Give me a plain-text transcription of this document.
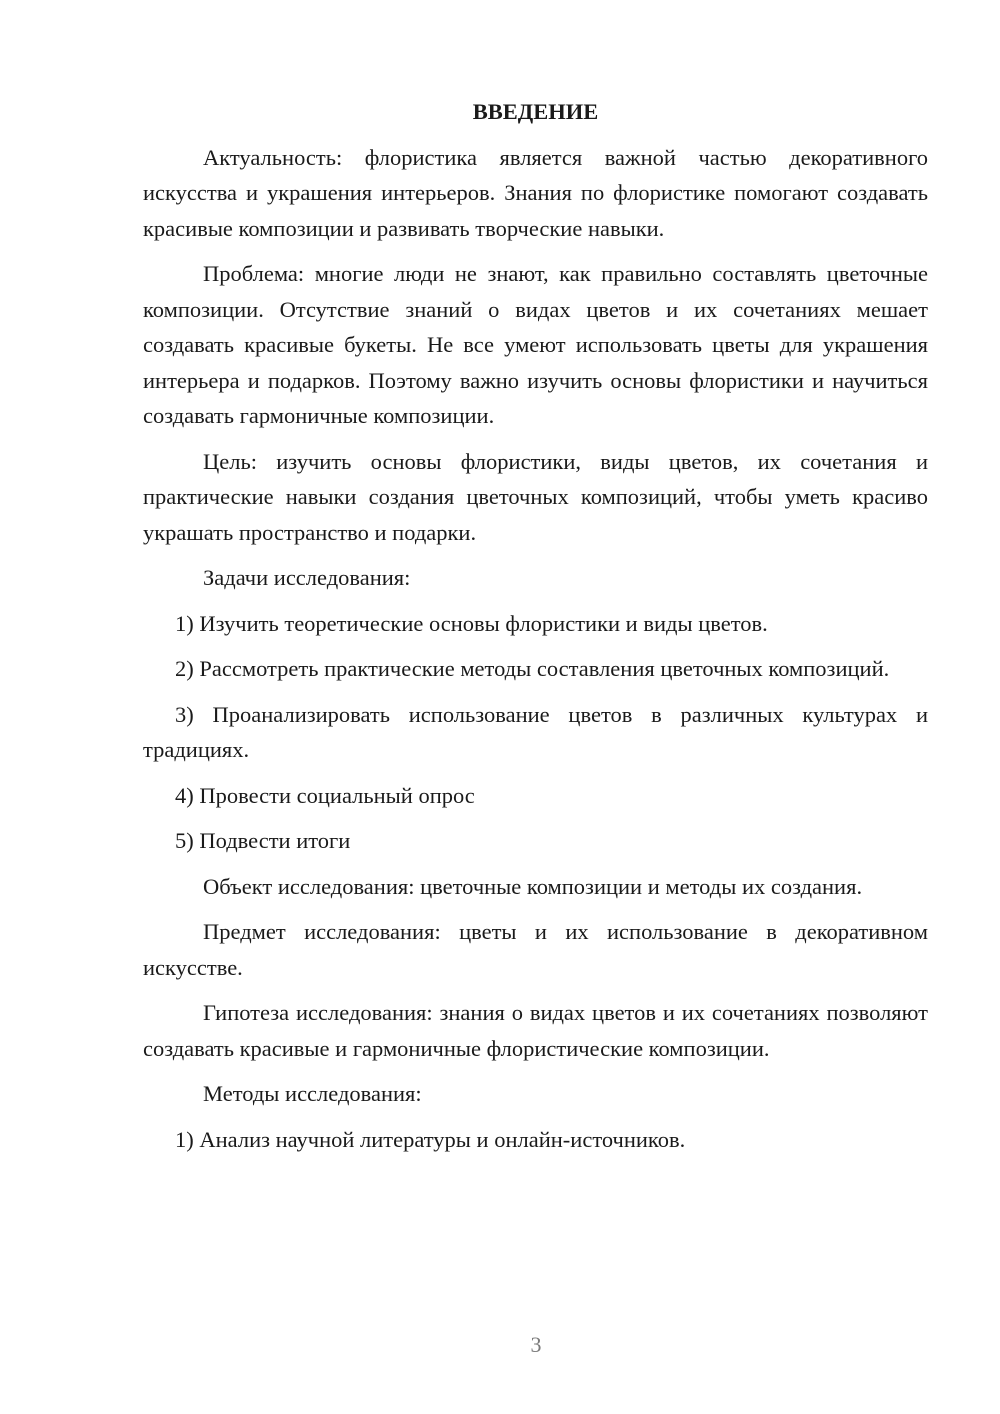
ВВЕДЕНИЕ
Актуальность: флористика является важной частью декоративного искусства и украшения интерьеров. Знания по флористике помогают создавать красивые композиции и развивать творческие навыки.
Проблема: многие люди не знают, как правильно составлять цветочные композиции. Отсутствие знаний о видах цветов и их сочетаниях мешает создавать красивые букеты. Не все умеют использовать цветы для украшения интерьера и подарков. Поэтому важно изучить основы флористики и научиться создавать гармоничные композиции.
Цель: изучить основы флористики, виды цветов, их сочетания и практические навыки создания цветочных композиций, чтобы уметь красиво украшать пространство и подарки.
Задачи исследования:
1) Изучить теоретические основы флористики и виды цветов.
2) Рассмотреть практические методы составления цветочных композиций.
3) Проанализировать использование цветов в различных культурах и традициях.
4) Провести социальный опрос
5) Подвести итоги
Объект исследования: цветочные композиции и методы их создания.
Предмет исследования: цветы и их использование в декоративном искусстве.
Гипотеза исследования: знания о видах цветов и их сочетаниях позволяют создавать красивые и гармоничные флористические композиции.
Методы исследования:
1) Анализ научной литературы и онлайн-источников.
3
